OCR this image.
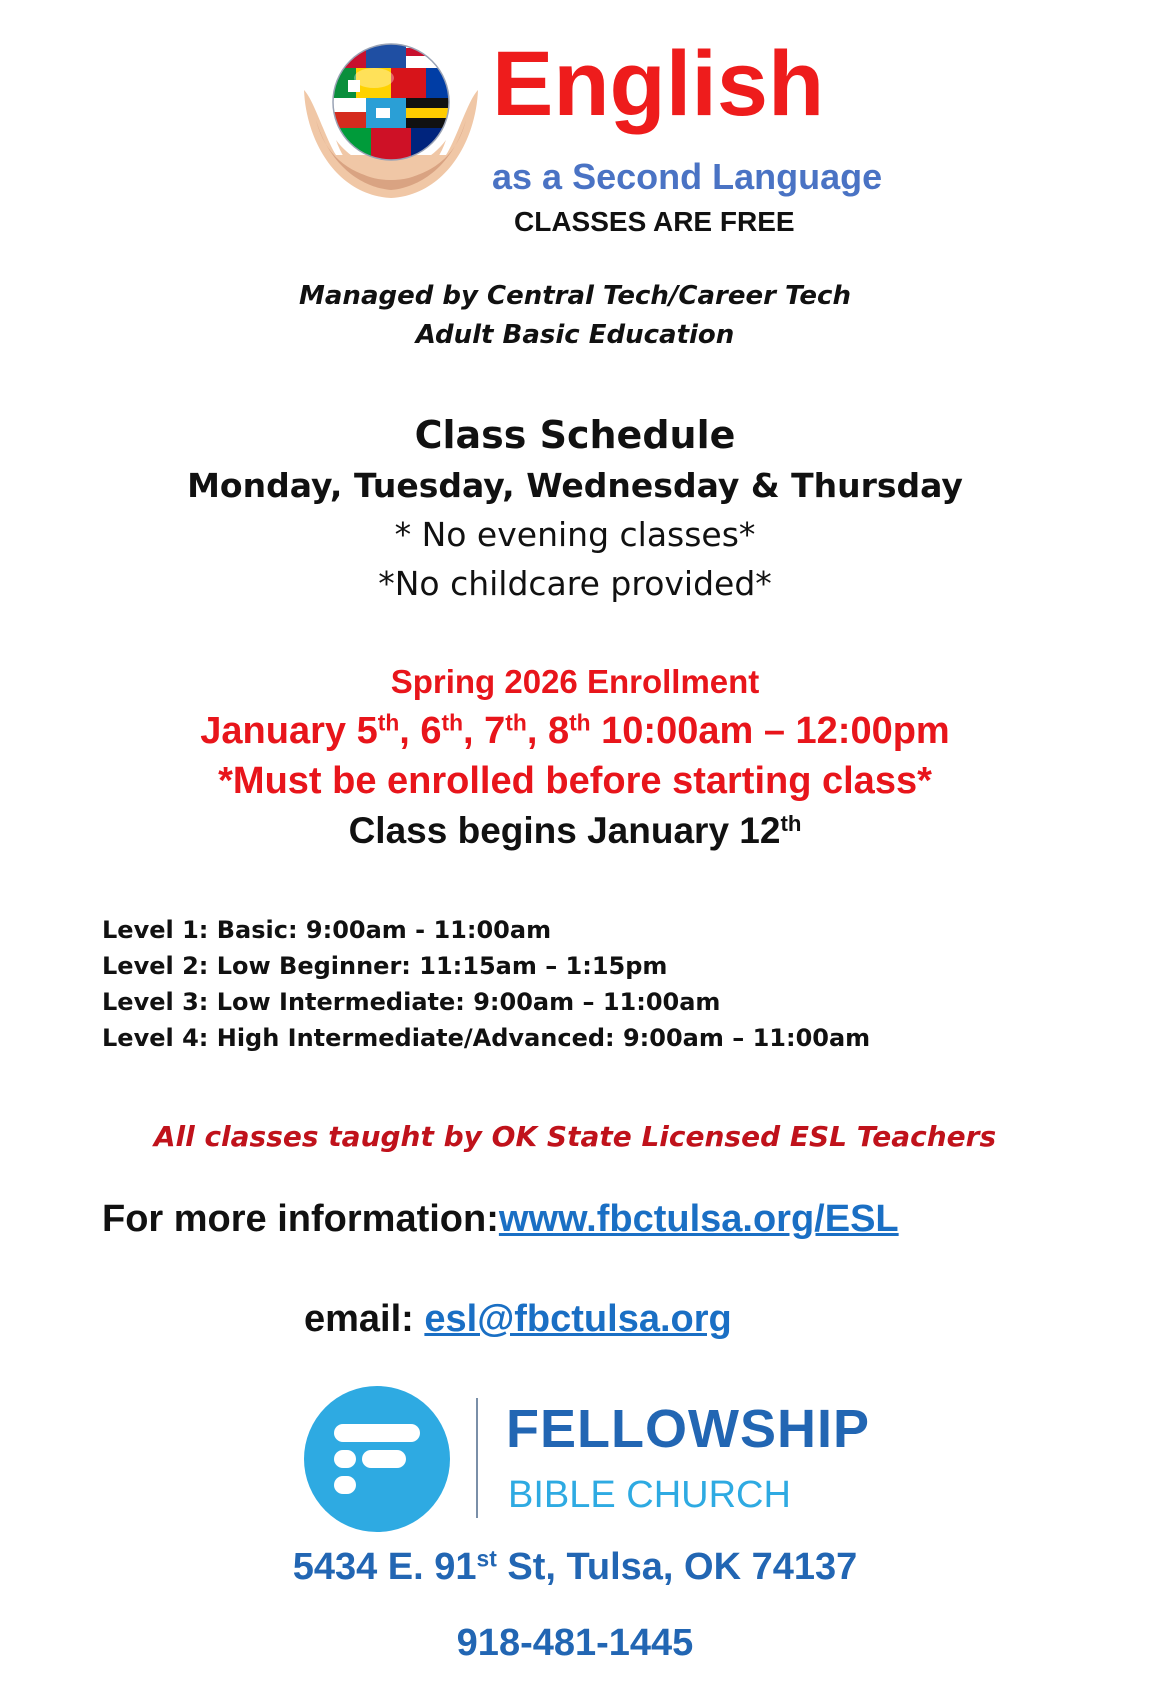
English
as a Second Language
CLASSES ARE FREE
Managed by Central Tech/Career Tech
Adult Basic Education
Class Schedule
Monday, Tuesday, Wednesday & Thursday
* No evening classes*
*No childcare provided*
Spring 2026 Enrollment
January 5th, 6th, 7th, 8th 10:00am – 12:00pm
*Must be enrolled before starting class*
Class begins January 12th
Level 1: Basic: 9:00am - 11:00am
Level 2: Low Beginner: 11:15am – 1:15pm
Level 3: Low Intermediate: 9:00am – 11:00am
Level 4: High Intermediate/Advanced: 9:00am – 11:00am
All classes taught by OK State Licensed ESL Teachers
For more information:www.fbctulsa.org/ESL
email: esl@fbctulsa.org
FELLOWSHIP
BIBLE CHURCH
5434 E. 91st St, Tulsa, OK 74137
918-481-1445
